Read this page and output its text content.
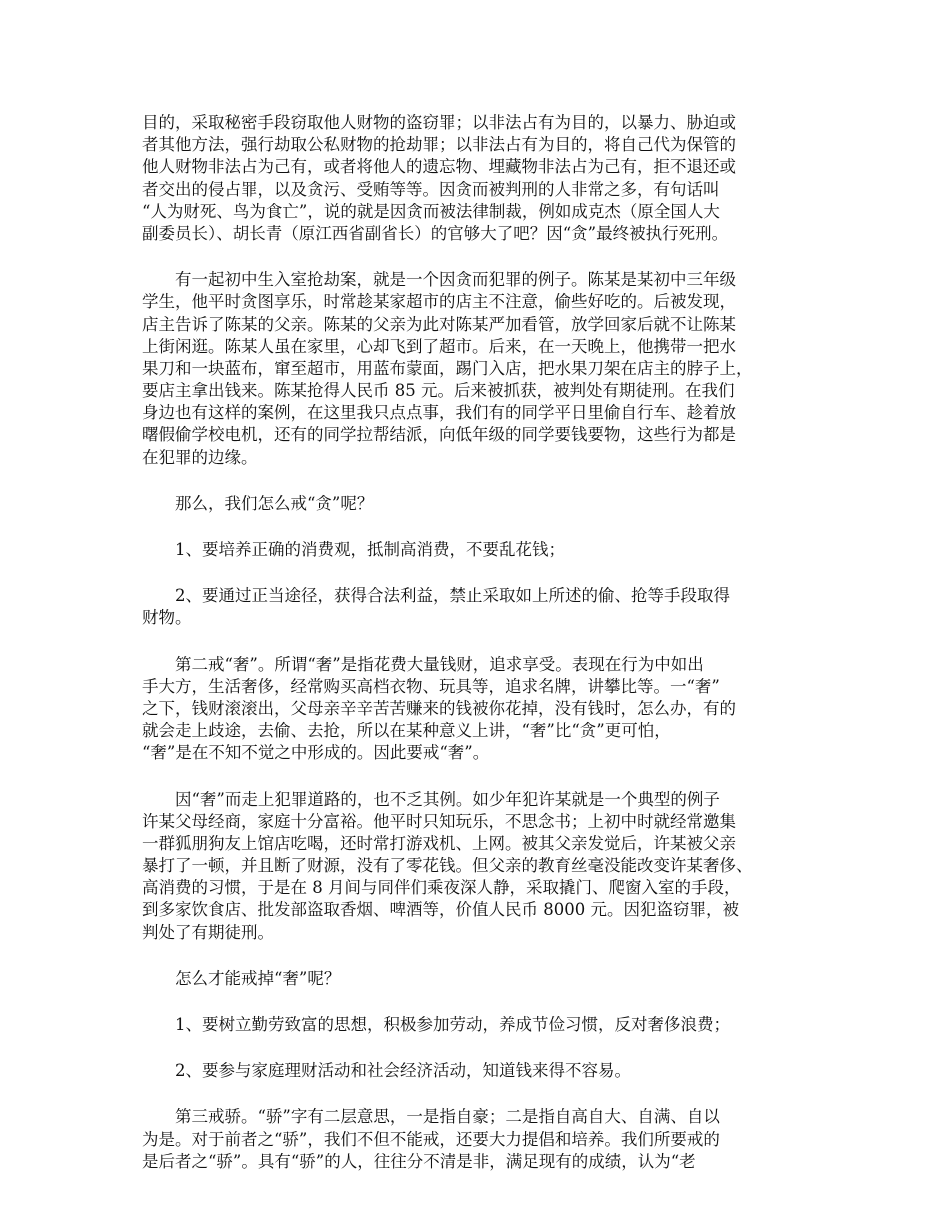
目的，采取秘密手段窃取他人财物的盗窃罪；以非法占有为目的，以暴力、胁迫或
者其他方法，强行劫取公私财物的抢劫罪；以非法占有为目的，将自己代为保管的
他人财物非法占为己有，或者将他人的遗忘物、埋藏物非法占为己有，拒不退还或
者交出的侵占罪，以及贪污、受贿等等。因贪而被判刑的人非常之多，有句话叫
“人为财死、鸟为食亡”，说的就是因贪而被法律制裁，例如成克杰（原全国人大
副委员长）、胡长青（原江西省副省长）的官够大了吧？因“贪”最终被执行死刑。
有一起初中生入室抢劫案，就是一个因贪而犯罪的例子。陈某是某初中三年级
学生，他平时贪图享乐，时常趁某家超市的店主不注意，偷些好吃的。后被发现，
店主告诉了陈某的父亲。陈某的父亲为此对陈某严加看管，放学回家后就不让陈某
上街闲逛。陈某人虽在家里，心却飞到了超市。后来，在一天晚上，他携带一把水
果刀和一块蓝布，窜至超市，用蓝布蒙面，踢门入店，把水果刀架在店主的脖子上，
要店主拿出钱来。陈某抢得人民币 85 元。后来被抓获，被判处有期徒刑。在我们
身边也有这样的案例，在这里我只点点事，我们有的同学平日里偷自行车、趁着放
曙假偷学校电机，还有的同学拉帮结派，向低年级的同学要钱要物，这些行为都是
在犯罪的边缘。
那么，我们怎么戒“贪”呢？
1、要培养正确的消费观，抵制高消费，不要乱花钱；
2、要通过正当途径，获得合法利益，禁止采取如上所述的偷、抢等手段取得
财物。
第二戒“奢”。所谓“奢”是指花费大量钱财，追求享受。表现在行为中如出
手大方，生活奢侈，经常购买高档衣物、玩具等，追求名牌，讲攀比等。一“奢”
之下，钱财滚滚出，父母亲辛辛苦苦赚来的钱被你花掉，没有钱时，怎么办，有的
就会走上歧途，去偷、去抢，所以在某种意义上讲，“奢”比“贪”更可怕，
“奢”是在不知不觉之中形成的。因此要戒“奢”。
因“奢”而走上犯罪道路的，也不乏其例。如少年犯许某就是一个典型的例子
许某父母经商，家庭十分富裕。他平时只知玩乐，不思念书；上初中时就经常邀集
一群狐朋狗友上馆店吃喝，还时常打游戏机、上网。被其父亲发觉后，许某被父亲
暴打了一顿，并且断了财源，没有了零花钱。但父亲的教育丝毫没能改变许某奢侈、
高消费的习惯，于是在 8 月间与同伴们乘夜深人静，采取撬门、爬窗入室的手段，
到多家饮食店、批发部盗取香烟、啤酒等，价值人民币 8000 元。因犯盗窃罪，被
判处了有期徒刑。
怎么才能戒掉“奢”呢？
1、要树立勤劳致富的思想，积极参加劳动，养成节俭习惯，反对奢侈浪费；
2、要参与家庭理财活动和社会经济活动，知道钱来得不容易。
第三戒骄。“骄”字有二层意思，一是指自豪；二是指自高自大、自满、自以
为是。对于前者之“骄”，我们不但不能戒，还要大力提倡和培养。我们所要戒的
是后者之“骄”。具有“骄”的人，往往分不清是非，满足现有的成绩，认为“老
